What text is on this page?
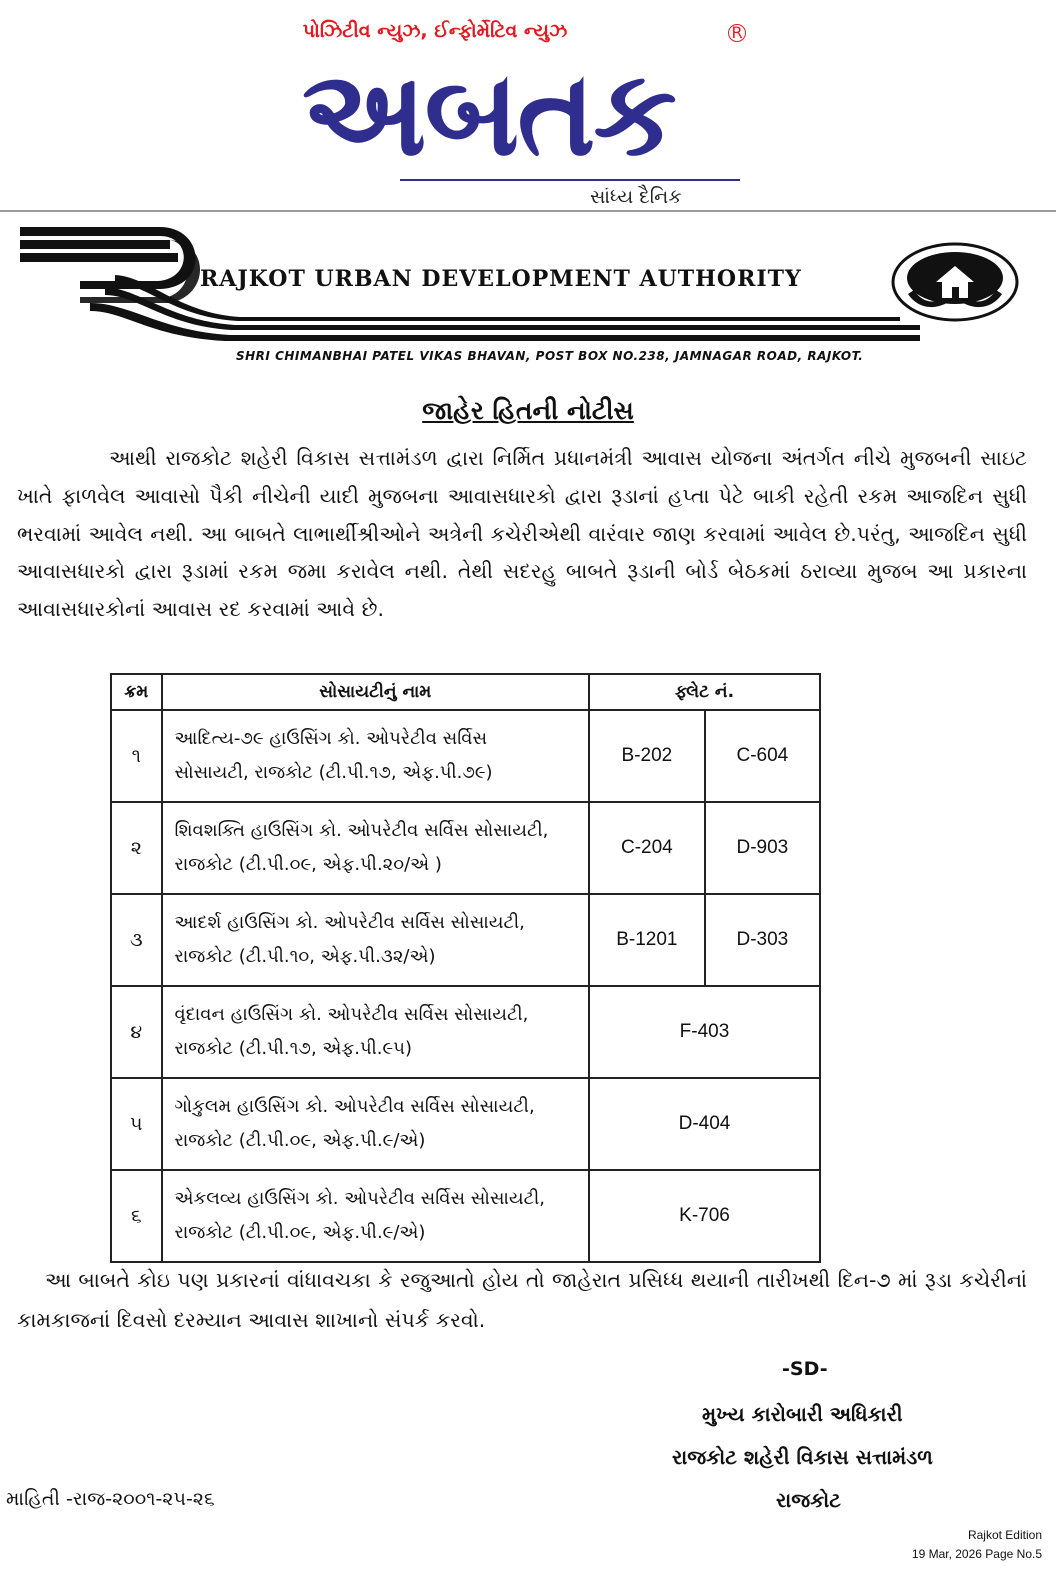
પોઝિટીવ ન્યુઝ, ઈન્ફોર્મેટિવ ન્યુઝ	R
અબતક
સાંધ્ય દૈનિક
RAJKOT URBAN DEVELOPMENT AUTHORITY
SHRI CHIMANBHAI PATEL VIKAS BHAVAN, POST BOX NO.238, JAMNAGAR ROAD, RAJKOT.
જાહેર હિતની નોટીસ

આથી રાજકોટ શહેરી વિકાસ સત્તામંડળ દ્વારા નિર્મિત પ્રધાનમંત્રી આવાસ યોજના અંતર્ગત નીચે મુજબની સાઇટ ખાતે ફાળવેલ આવાસો પૈકી નીચેની યાદી મુજબના આવાસધારકો દ્વારા રૂડાનાં હપ્તા પેટે બાકી રહેતી રકમ આજદિન સુધી ભરવામાં આવેલ નથી. આ બાબતે લાભાર્થીશ્રીઓને અત્રેની કચેરીએથી વારંવાર જાણ કરવામાં આવેલ છે.પરંતુ, આજદિન સુધી આવાસધારકો દ્વારા રૂડામાં રકમ જમા કરાવેલ નથી. તેથી સદરહુ બાબતે રૂડાની બોર્ડ બેઠકમાં ઠરાવ્યા મુજબ આ પ્રકારના આવાસધારકોનાં આવાસ રદ કરવામાં આવે છે.

ક્રમ	સોસાયટીનું નામ	ફ્લેટ નં.	
૧	આદિત્ય-૭૯ હાઉસિંગ કો. ઓપરેટીવ સર્વિસ
સોસાયટી, રાજકોટ (ટી.પી.૧૭, એફ.પી.૭૯)	B-202	C-604
૨	શિવશક્તિ હાઉસિંગ કો. ઓપરેટીવ સર્વિસ સોસાયટી,
રાજકોટ (ટી.પી.૦૯, એફ.પી.૨૦/એ )	C-204	D-903
૩	આદર્શ હાઉસિંગ કો. ઓપરેટીવ સર્વિસ સોસાયટી,
રાજકોટ (ટી.પી.૧૦, એફ.પી.૩૨/એ)	B-1201	D-303
૪	વૃંદાવન હાઉસિંગ કો. ઓપરેટીવ સર્વિસ સોસાયટી,
રાજકોટ (ટી.પી.૧૭, એફ.પી.૯૫)	F-403	
૫	ગોકુલમ હાઉસિંગ કો. ઓપરેટીવ સર્વિસ સોસાયટી,
રાજકોટ (ટી.પી.૦૯, એફ.પી.૯/એ)	D-404	
૬	એકલવ્ય હાઉસિંગ કો. ઓપરેટીવ સર્વિસ સોસાયટી,
રાજકોટ (ટી.પી.૦૯, એફ.પી.૯/એ)	K-706	

આ બાબતે કોઇ પણ પ્રકારનાં વાંધાવચકા કે રજુઆતો હોય તો જાહેરાત પ્રસિધ્ધ થયાની તારીખથી દિન-૭ માં રૂડા કચેરીનાં કામકાજનાં દિવસો દરમ્યાન આવાસ શાખાનો સંપર્ક કરવો.

-SD-
મુખ્ય કારોબારી અધિકારી
રાજકોટ શહેરી વિકાસ સત્તામંડળ
રાજકોટ
માહિતી -રાજ-૨૦૦૧-૨૫-૨૬
Rajkot Edition
19 Mar, 2026 Page No.5
